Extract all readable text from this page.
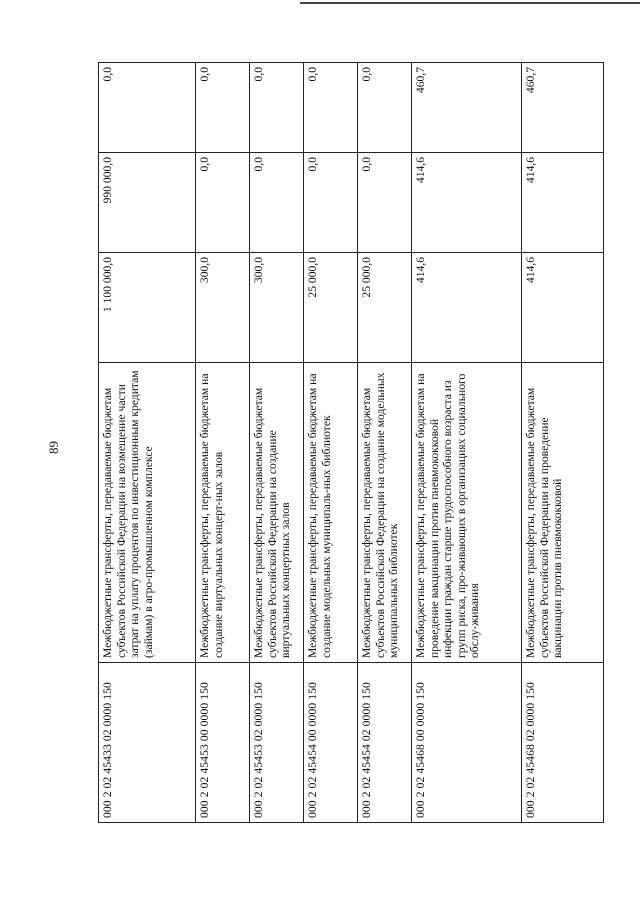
89
000 2 02 45433 02 0000 150	Межбюджетные трансферты, передаваемые бюджетам субъектов Российской Федерации на возмещение части затрат на уплату процентов по инвестиционным кредитам (займам) в агро-промышленном комплексе	1 100 000,0	990 000,0	0,0
000 2 02 45453 00 0000 150	Межбюджетные трансферты, передаваемые бюджетам на создание виртуальных концерт-ных залов	300,0	0,0	0,0
000 2 02 45453 02 0000 150	Межбюджетные трансферты, передаваемые бюджетам субъектов Российской Федерации на создание виртуальных концертных залов	300,0	0,0	0,0
000 2 02 45454 00 0000 150	Межбюджетные трансферты, передаваемые бюджетам на создание модельных муниципаль-ных библиотек	25 000,0	0,0	0,0
000 2 02 45454 02 0000 150	Межбюджетные трансферты, передаваемые бюджетам субъектов Российской Федерации на создание модельных муниципальных библиотек	25 000,0	0,0	0,0
000 2 02 45468 00 0000 150	Межбюджетные трансферты, передаваемые бюджетам на проведение вакцинации против пневмококковой инфекции граждан старше трудоспособного возраста из групп риска, про-живающих в организациях социального обслу-живания	414,6	414,6	460,7
000 2 02 45468 02 0000 150	Межбюджетные трансферты, передаваемые бюджетам субъектов Российской Федерации на проведение вакцинации против пневмококковой	414,6	414,6	460,7
